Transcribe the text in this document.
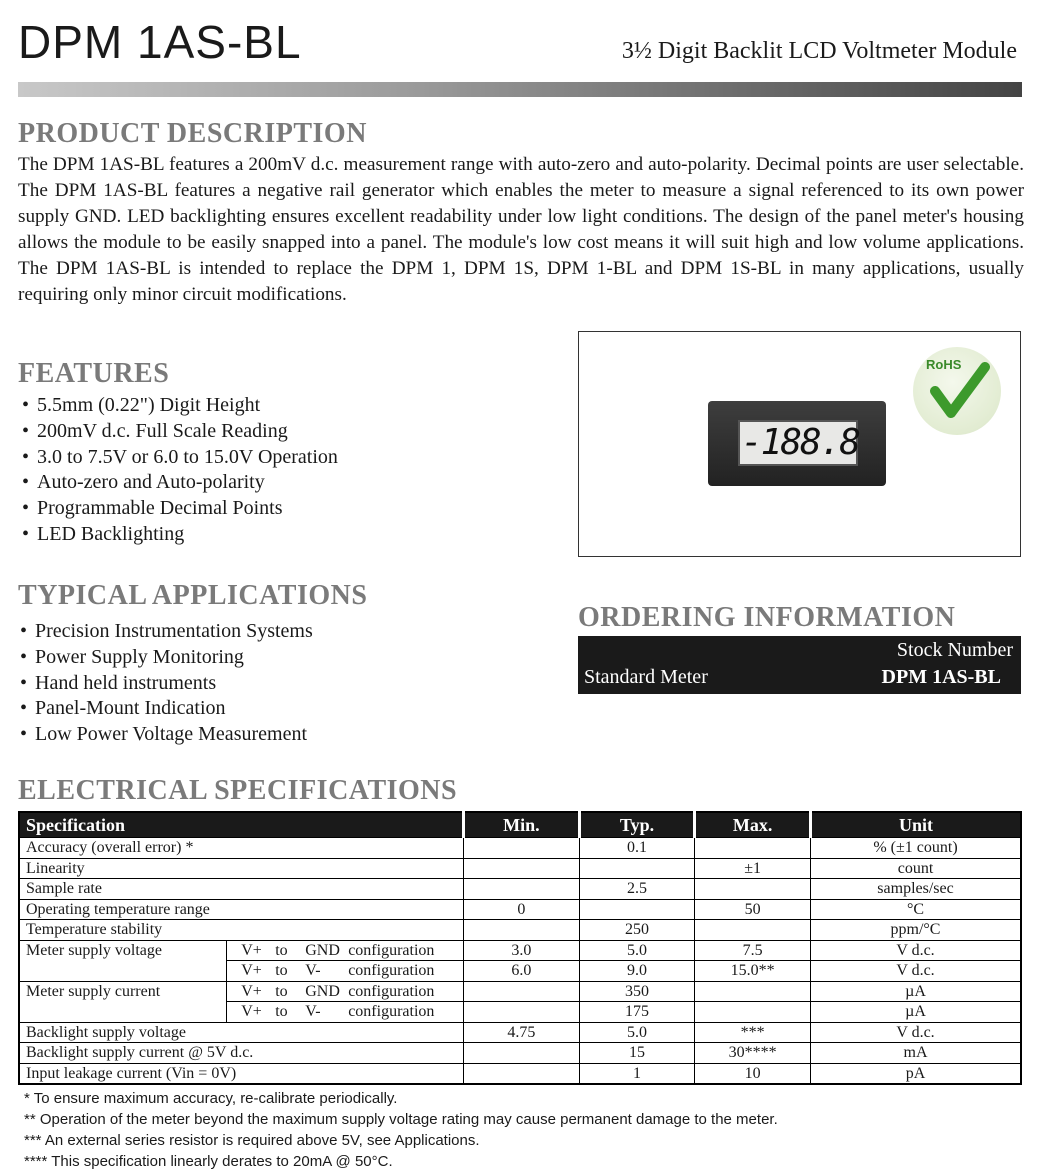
DPM 1AS-BL	3½ Digit Backlit LCD Voltmeter Module
PRODUCT DESCRIPTION
The DPM 1AS-BL features a 200mV d.c. measurement range with auto-zero and auto-polarity. Decimal points are user selectable. The DPM 1AS-BL features a negative rail generator which enables the meter to measure a signal referenced to its own power supply GND. LED backlighting ensures excellent readability under low light conditions. The design of the panel meter's housing allows the module to be easily snapped into a panel. The module's low cost means it will suit high and low volume applications. The DPM 1AS-BL is intended to replace the DPM 1, DPM 1S, DPM 1-BL and DPM 1S-BL in many applications, usually requiring only minor circuit modifications.
FEATURES
• 5.5mm (0.22") Digit Height
• 200mV d.c. Full Scale Reading
• 3.0 to 7.5V or 6.0 to 15.0V Operation
• Auto-zero and Auto-polarity
• Programmable Decimal Points
• LED Backlighting
TYPICAL APPLICATIONS
• Precision Instrumentation Systems
• Power Supply Monitoring
• Hand held instruments
• Panel-Mount Indication
• Low Power Voltage Measurement
RoHS
-188.8
ORDERING INFORMATION
Stock Number
Standard Meter	DPM 1AS-BL
ELECTRICAL SPECIFICATIONS
Specification		Min.	Typ.	Max.	Unit
Accuracy (overall error) *			0.1		% (±1 count)
Linearity				±1	count
Sample rate			2.5		samples/sec
Operating temperature range		0		50	°C
Temperature stability			250		ppm/°C
Meter supply voltage	V+ to GND configuration	3.0	5.0	7.5	V d.c.
	V+ to V- configuration	6.0	9.0	15.0**	V d.c.
Meter supply current	V+ to GND configuration		350		µA
	V+ to V- configuration		175		µA
Backlight supply voltage		4.75	5.0	***	V d.c.
Backlight supply current @ 5V d.c.			15	30****	mA
Input leakage current (Vin = 0V)			1	10	pA
* To ensure maximum accuracy, re-calibrate periodically.
** Operation of the meter beyond the maximum supply voltage rating may cause permanent damage to the meter.
*** An external series resistor is required above 5V, see Applications.
**** This specification linearly derates to 20mA @ 50°C.
